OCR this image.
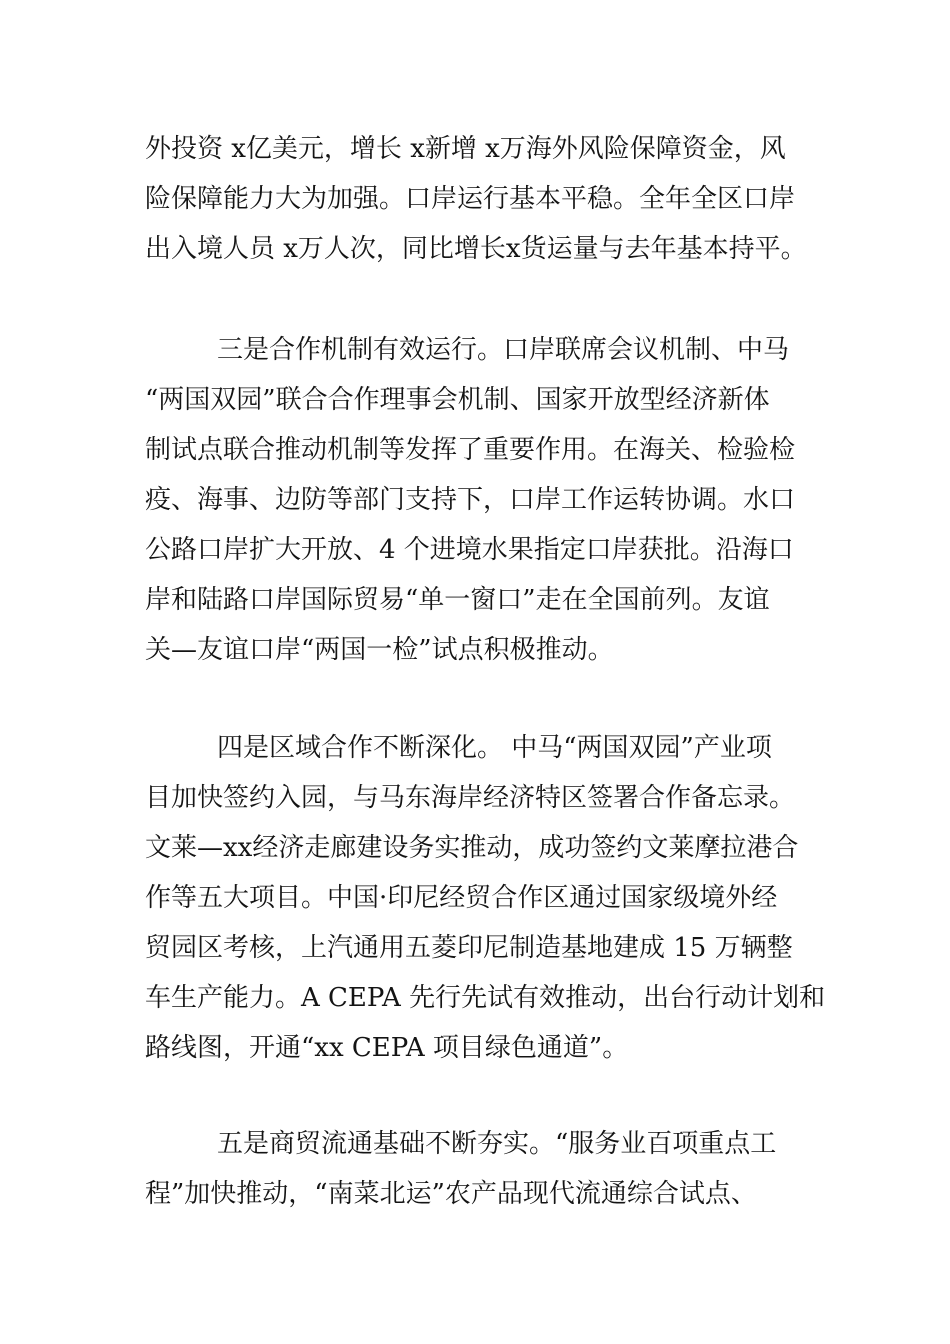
外投资 x亿美元，增长 x新增 x万海外风险保障资金，风
险保障能力大为加强。口岸运行基本平稳。全年全区口岸
出入境人员 x万人次，同比增长x货运量与去年基本持平。
三是合作机制有效运行。口岸联席会议机制、中马
“两国双园”联合合作理事会机制、国家开放型经济新体
制试点联合推动机制等发挥了重要作用。在海关、检验检
疫、海事、边防等部门支持下，口岸工作运转协调。水口
公路口岸扩大开放、4 个进境水果指定口岸获批。沿海口
岸和陆路口岸国际贸易“单一窗口”走在全国前列。友谊
关—友谊口岸“两国一检”试点积极推动。
四是区域合作不断深化。 中马“两国双园”产业项
目加快签约入园，与马东海岸经济特区签署合作备忘录。
文莱—xx经济走廊建设务实推动，成功签约文莱摩拉港合
作等五大项目。中国·印尼经贸合作区通过国家级境外经
贸园区考核，上汽通用五菱印尼制造基地建成 15 万辆整
车生产能力。A CEPA 先行先试有效推动，出台行动计划和
路线图，开通“xx CEPA 项目绿色通道”。
五是商贸流通基础不断夯实。“服务业百项重点工
程”加快推动，“南菜北运”农产品现代流通综合试点、
